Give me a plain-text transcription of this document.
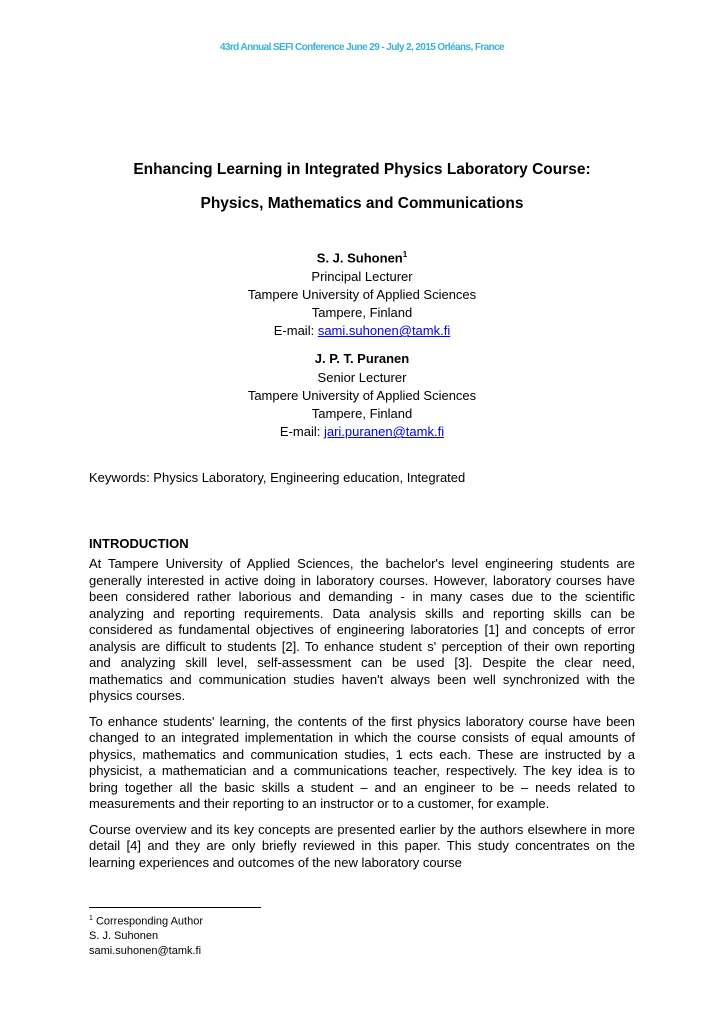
43rd Annual SEFI Conference June 29 - July 2, 2015 Orléans, France
Enhancing Learning in Integrated Physics Laboratory Course:
Physics, Mathematics and Communications
S. J. Suhonen$^1$
Principal Lecturer
Tampere University of Applied Sciences
Tampere, Finland
E-mail: sami.suhonen@tamk.fi
J. P. T. Puranen
Senior Lecturer
Tampere University of Applied Sciences
Tampere, Finland
E-mail: jari.puranen@tamk.fi
Keywords: Physics Laboratory, Engineering education, Integrated
INTRODUCTION

At Tampere University of Applied Sciences, the bachelor's level engineering students are generally interested in active doing in laboratory courses. However, laboratory courses have been considered rather laborious and demanding - in many cases due to the scientific analyzing and reporting requirements. Data analysis skills and reporting skills can be considered as fundamental objectives of engineering laboratories [1] and concepts of error analysis are difficult to students [2]. To enhance student s' perception of their own reporting and analyzing skill level, self-assessment can be used [3]. Despite the clear need, mathematics and communication studies haven't always been well synchronized with the physics courses.

To enhance students' learning, the contents of the first physics laboratory course have been changed to an integrated implementation in which the course consists of equal amounts of physics, mathematics and communication studies, 1 ects each. These are instructed by a physicist, a mathematician and a communications teacher, respectively. The key idea is to bring together all the basic skills a student – and an engineer to be – needs related to measurements and their reporting to an instructor or to a customer, for example.

Course overview and its key concepts are presented earlier by the authors elsewhere in more detail [4] and they are only briefly reviewed in this paper. This study concentrates on the learning experiences and outcomes of the new laboratory course

$^1$ Corresponding Author
S. J. Suhonen
sami.suhonen@tamk.fi
